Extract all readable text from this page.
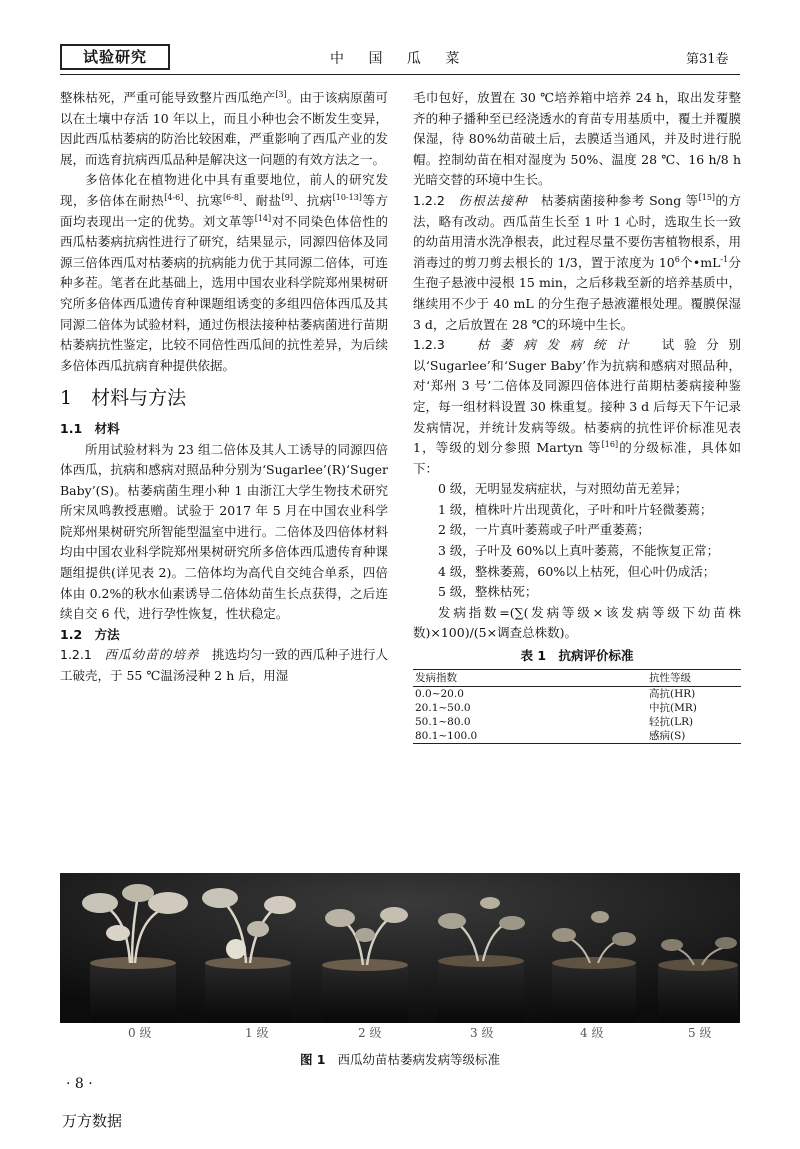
试验研究	中 国 瓜 菜	第31卷

整株枯死，严重可能导致整片西瓜绝产[3]。由于该病原菌可以在土壤中存活 10 年以上，而且小种也会不断发生变异，因此西瓜枯萎病的防治比较困难，严重影响了西瓜产业的发展，而选育抗病西瓜品种是解决这一问题的有效方法之一。

多倍体化在植物进化中具有重要地位，前人的研究发现，多倍体在耐热[4-6]、抗寒[6-8]、耐盐[9]、抗病[10-13]等方面均表现出一定的优势。刘文革等[14]对不同染色体倍性的西瓜枯萎病抗病性进行了研究，结果显示，同源四倍体及同源三倍体西瓜对枯萎病的抗病能力优于其同源二倍体，可连种多茬。笔者在此基础上，选用中国农业科学院郑州果树研究所多倍体西瓜遗传育种课题组诱变的多组四倍体西瓜及其同源二倍体为试验材料，通过伤根法接种枯萎病菌进行苗期枯萎病抗性鉴定，比较不同倍性西瓜间的抗性差异，为后续多倍体西瓜抗病育种提供依据。

1　材料与方法
1.1　材料

所用试验材料为 23 组二倍体及其人工诱导的同源四倍体西瓜，抗病和感病对照品种分别为‘Sugarlee’(R)‘Suger Baby’(S)。枯萎病菌生理小种 1 由浙江大学生物技术研究所宋凤鸣教授惠赠。试验于 2017 年 5 月在中国农业科学院郑州果树研究所智能型温室中进行。二倍体及四倍体材料均由中国农业科学院郑州果树研究所多倍体西瓜遗传育种课题组提供(详见表 2)。二倍体均为高代自交纯合单系，四倍体由 0.2%的秋水仙素诱导二倍体幼苗生长点获得，之后连续自交 6 代，进行孕性恢复，性状稳定。

1.2　方法

1.2.1　 西瓜幼苗的培养　 挑选均匀一致的西瓜种子进行人工破壳，于 55 ℃温汤浸种 2 h 后，用湿

毛巾包好，放置在 30 ℃培养箱中培养 24 h，取出发芽整齐的种子播种至已经浇透水的育苗专用基质中，覆土并覆膜保湿，待 80%幼苗破土后，去膜适当通风，并及时进行脱帽。控制幼苗在相对湿度为 50%、温度 28 ℃、16 h/8 h 光暗交替的环境中生长。

1.2.2　 伤根法接种　 枯萎病菌接种参考 Song 等[15]的方法，略有改动。西瓜苗生长至 1 叶 1 心时，选取生长一致的幼苗用清水洗净根表，此过程尽量不要伤害植物根系，用消毒过的剪刀剪去根长的 1/3，置于浓度为 $10^6$个$•mL^{-1}$分生孢子悬液中浸根 15 min，之后移栽至新的培养基质中，继续用不少于 40 mL 的分生孢子悬液灌根处理。覆膜保湿 3 d，之后放置在 28 ℃的环境中生长。

1.2.3　	枯萎病发病统计　 试验分别以‘Sugarlee’和‘Suger Baby’作为抗病和感病对照品种，对‘郑州 3 号’二倍体及同源四倍体进行苗期枯萎病接种鉴定，每一组材料设置 30 株重复。接种 3 d 后每天下午记录发病情况，并统计发病等级。枯萎病的抗性评价标准见表 1，等级的划分参照 Martyn 等[16]的分级标准，具体如下：

0 级，无明显发病症状，与对照幼苗无差异；

1 级，植株叶片出现黄化，子叶和叶片轻微萎蔫；

2 级，一片真叶萎蔫或子叶严重萎蔫；

3 级，子叶及 60%以上真叶萎蔫，不能恢复正常；

4 级，整株萎蔫，60%以上枯死，但心叶仍成活；

5 级，整株枯死；

发病指数=(∑(发病等级×该发病等级下幼苗株数)×100)/(5×调查总株数)。

表 1　抗病评价标准
发病指数	抗性等级
0.0~20.0	高抗(HR)
20.1~50.0	中抗(MR)
50.1~80.0	轻抗(LR)
80.1~100.0	感病(S)
0 级	1 级	2 级	3 级	4 级	5 级
图 1 西瓜幼苗枯萎病发病等级标准
· 8 ·
万方数据
